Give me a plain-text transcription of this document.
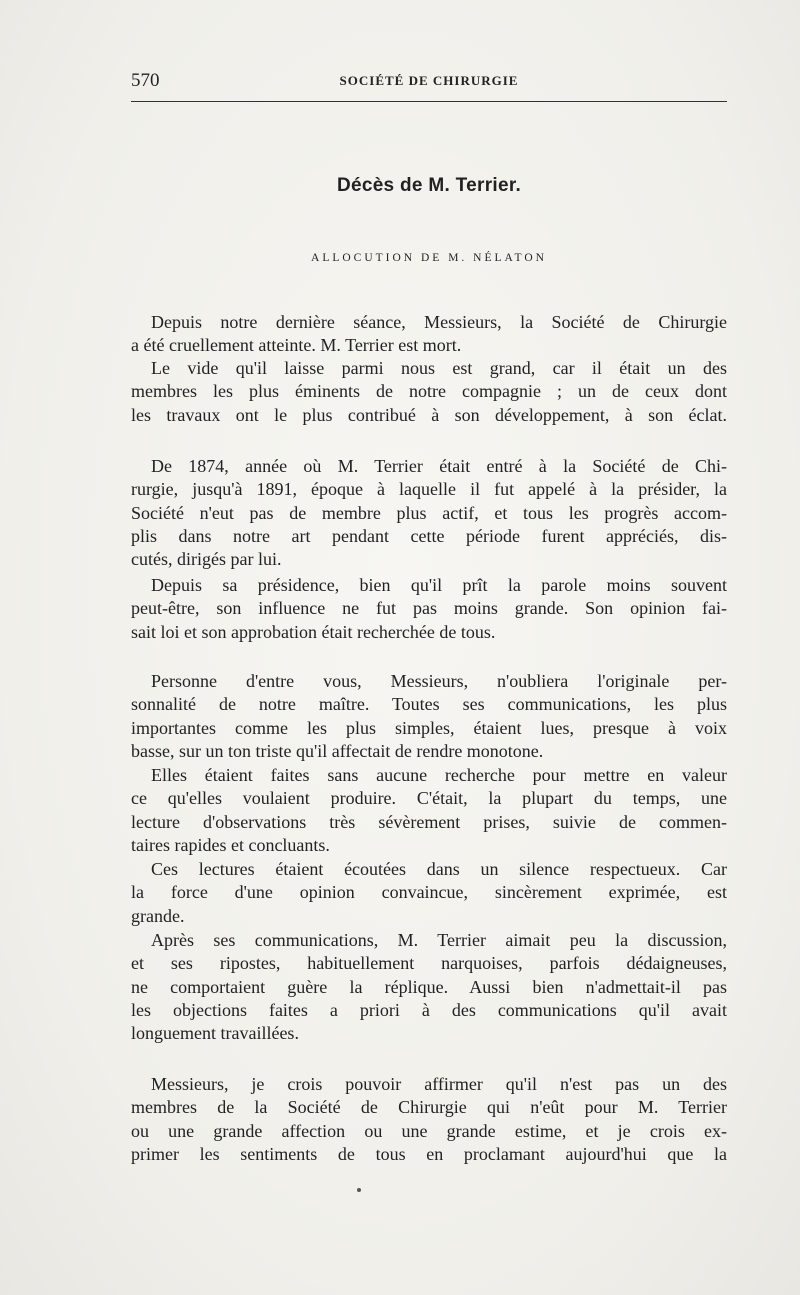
570	SOCIÉTÉ DE CHIRURGIE
Décès de M. Terrier.
ALLOCUTION DE M. NÉLATON
Depuis notre dernière séance, Messieurs, la Société de Chirurgie
a été cruellement atteinte. M. Terrier est mort.
Le vide qu'il laisse parmi nous est grand, car il était un des
membres les plus éminents de notre compagnie ; un de ceux dont
les travaux ont le plus contribué à son développement, à son éclat.
De 1874, année où M. Terrier était entré à la Société de Chi-
rurgie, jusqu'à 1891, époque à laquelle il fut appelé à la présider, la
Société n'eut pas de membre plus actif, et tous les progrès accom-
plis dans notre art pendant cette période furent appréciés, dis-
cutés, dirigés par lui.
Depuis sa présidence, bien qu'il prît la parole moins souvent
peut-être, son influence ne fut pas moins grande. Son opinion fai-
sait loi et son approbation était recherchée de tous.
Personne d'entre vous, Messieurs, n'oubliera l'originale per-
sonnalité de notre maître. Toutes ses communications, les plus
importantes comme les plus simples, étaient lues, presque à voix
basse, sur un ton triste qu'il affectait de rendre monotone.
Elles étaient faites sans aucune recherche pour mettre en valeur
ce qu'elles voulaient produire. C'était, la plupart du temps, une
lecture d'observations très sévèrement prises, suivie de commen-
taires rapides et concluants.
Ces lectures étaient écoutées dans un silence respectueux. Car
la force d'une opinion convaincue, sincèrement exprimée, est
grande.
Après ses communications, M. Terrier aimait peu la discussion,
et ses ripostes, habituellement narquoises, parfois dédaigneuses,
ne comportaient guère la réplique. Aussi bien n'admettait-il pas
les objections faites a priori à des communications qu'il avait
longuement travaillées.
Messieurs, je crois pouvoir affirmer qu'il n'est pas un des
membres de la Société de Chirurgie qui n'eût pour M. Terrier
ou une grande affection ou une grande estime, et je crois ex-
primer les sentiments de tous en proclamant aujourd'hui que la
